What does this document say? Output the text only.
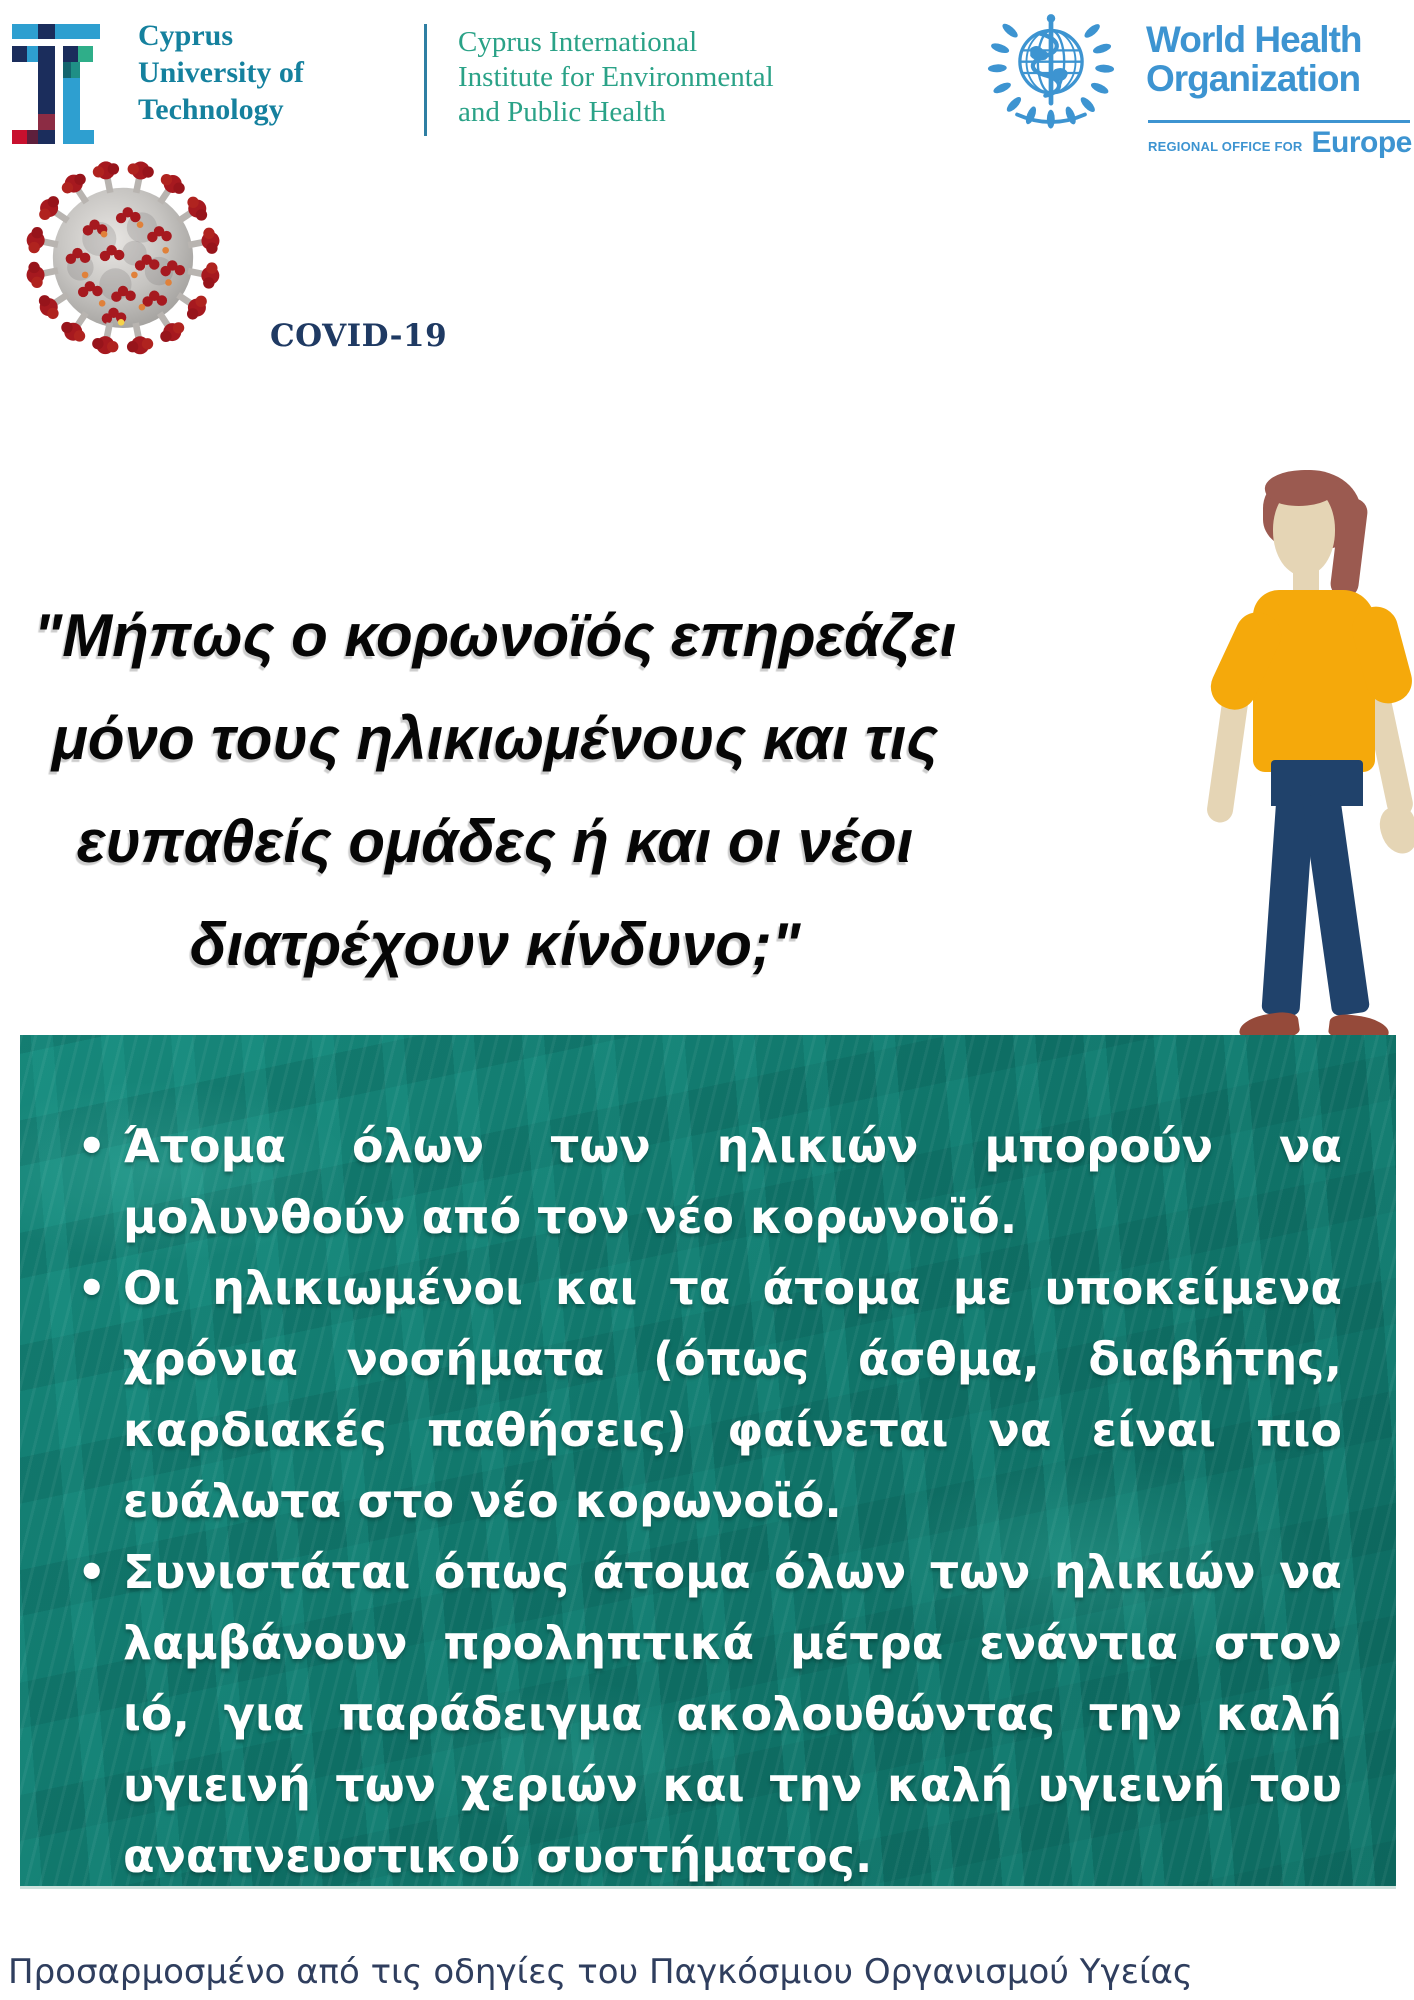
Cyprus
University of
Technology
Cyprus International
Institute for Environmental
and Public Health
World Health
Organization
REGIONAL OFFICE FOR Europe
COVID-19
"Μήπως ο κορωνοϊός επηρεάζει
μόνο τους ηλικιωμένους και τις
ευπαθείς ομάδες ή και οι νέοι
διατρέχουν κίνδυνο;"
• Άτομα όλων των ηλικιών μπορούν να μολυνθούν από τον νέο κορωνοϊό.
• Οι ηλικιωμένοι και τα άτομα με υποκείμενα χρόνια νοσήματα (όπως άσθμα, διαβήτης, καρδιακές παθήσεις) φαίνεται να είναι πιο ευάλωτα στο νέο κορωνοϊό.
• Συνιστάται όπως άτομα όλων των ηλικιών να λαμβάνουν προληπτικά μέτρα ενάντια στον ιό, για παράδειγμα ακολουθώντας την καλή υγιεινή των χεριών και την καλή υγιεινή του αναπνευστικού συστήματος.

Προσαρμοσμένο από τις οδηγίες του Παγκόσμιου Οργανισμού Υγείας
